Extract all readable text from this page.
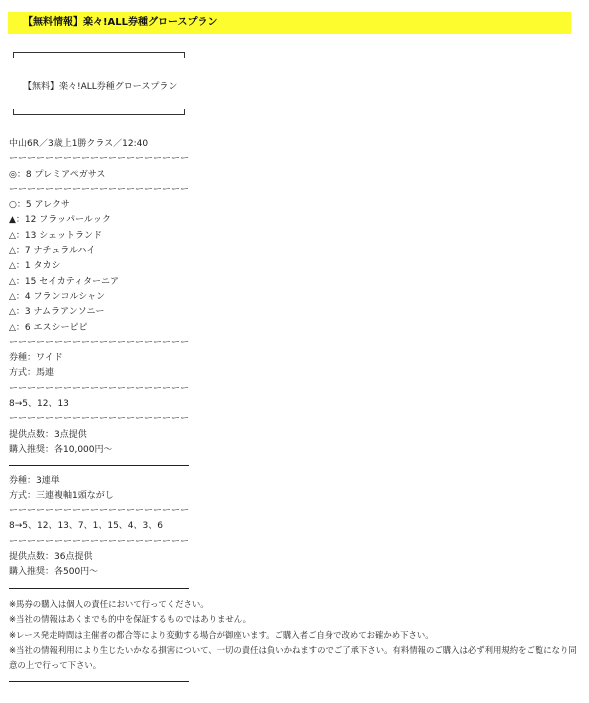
【無料情報】楽々!ALL券種グロースプラン
【無料】楽々!ALL券種グロースプラン
中山6R／3歳上1勝クラス／12:40
ーーーーーーーーーーーーーーーーーーーー
◎：8 プレミアペガサス
ーーーーーーーーーーーーーーーーーーーー
○：5 アレクサ
▲：12 フラッパールック
△：13 シェットランド
△：7 ナチュラルハイ
△：1 タカシ
△：15 セイカティターニア
△：4 フランコルシャン
△：3 ナムラアンソニー
△：6 エスシーピピ
ーーーーーーーーーーーーーーーーーーーー
券種：ワイド
方式：馬連
ーーーーーーーーーーーーーーーーーーーー
8→5、12、13
ーーーーーーーーーーーーーーーーーーーー
提供点数：3点提供
購入推奨：各10,000円〜
券種：3連単
方式：三連複軸1頭ながし
ーーーーーーーーーーーーーーーーーーーー
8→5、12、13、7、1、15、4、3、6
ーーーーーーーーーーーーーーーーーーーー
提供点数：36点提供
購入推奨：各500円〜
※馬券の購入は個人の責任において行ってください。
※当社の情報はあくまでも的中を保証するものではありません。
※レース発走時間は主催者の都合等により変動する場合が御座います。ご購入者ご自身で改めてお確かめ下さい。
※当社の情報利用により生じたいかなる損害について、一切の責任は負いかねますのでご了承下さい。有料情報のご購入は必ず利用規約をご覧になり同意の上で行って下さい。
